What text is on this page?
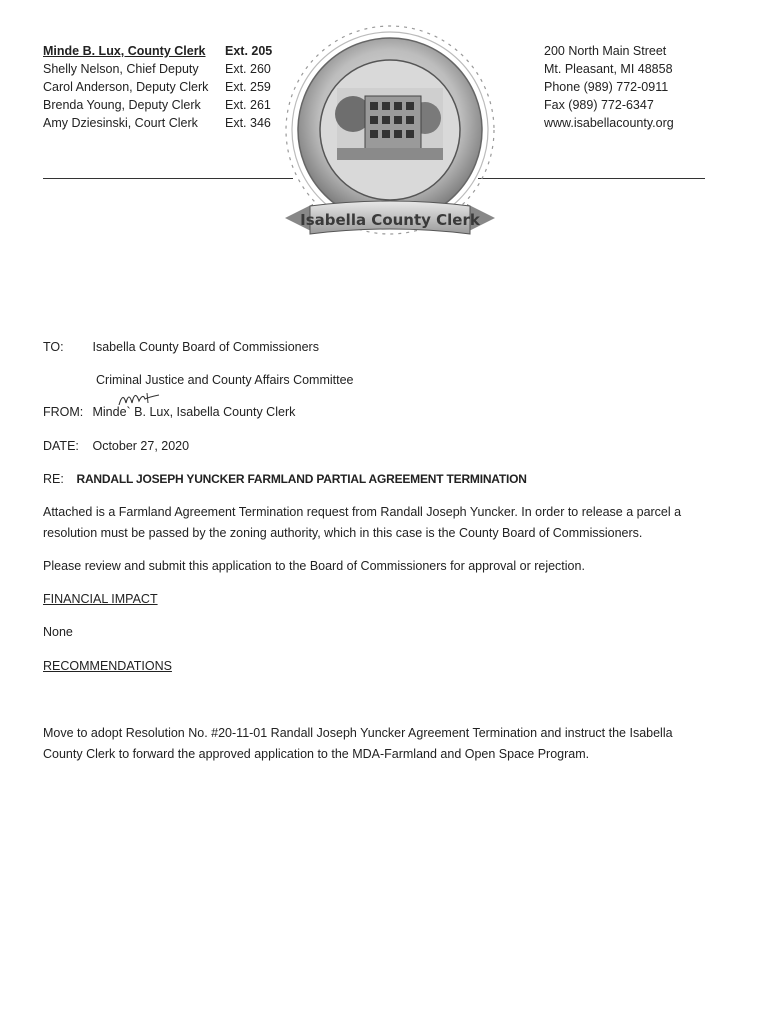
Minde B. Lux, County Clerk	Ext. 205
Shelly Nelson, Chief Deputy	Ext. 260
Carol Anderson, Deputy Clerk	Ext. 259
Brenda Young, Deputy Clerk	Ext. 261
Amy Dziesinski, Court Clerk	Ext. 346
200 North Main Street
Mt. Pleasant, MI 48858
Phone (989) 772-0911
Fax (989) 772-6347
www.isabellacounty.org
Isabella County Clerk
TO: Isabella County Board of Commissioners
Criminal Justice and County Affairs Committee
FROM: Minde` B. Lux, Isabella County Clerk
DATE: October 27, 2020
RE: RANDALL JOSEPH YUNCKER FARMLAND PARTIAL AGREEMENT TERMINATION
Attached is a Farmland Agreement Termination request from Randall Joseph Yuncker. In order to release a parcel a resolution must be passed by the zoning authority, which in this case is the County Board of Commissioners.
Please review and submit this application to the Board of Commissioners for approval or rejection.
FINANCIAL IMPACT
None
RECOMMENDATIONS
Move to adopt Resolution No. #20-11-01 Randall Joseph Yuncker Agreement Termination and instruct the Isabella County Clerk to forward the approved application to the MDA-Farmland and Open Space Program.
